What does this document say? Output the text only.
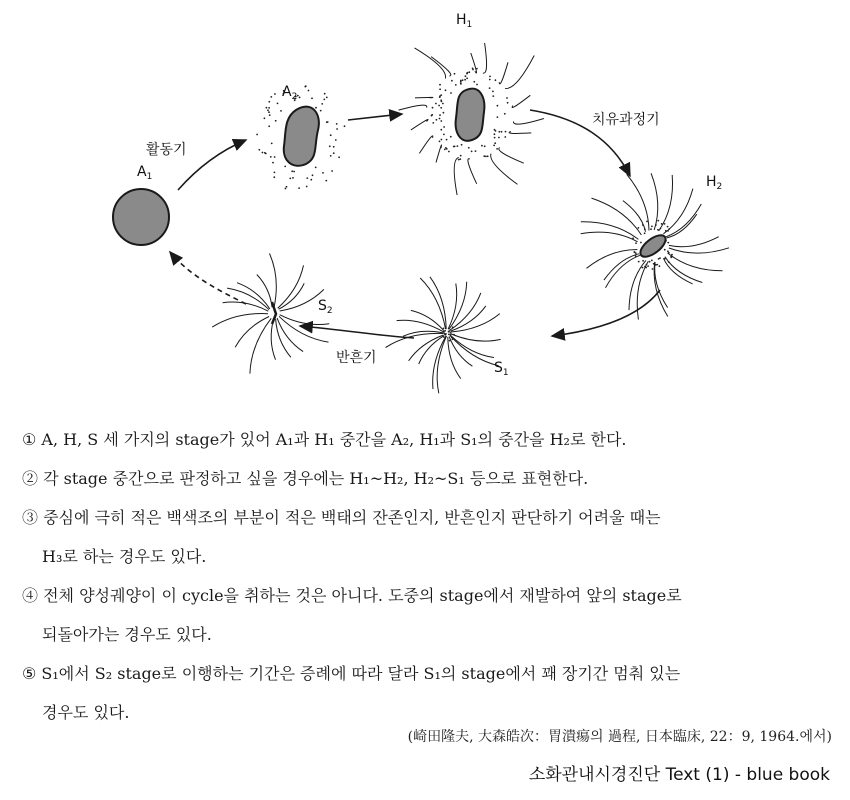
$A_1$
$A_2$
$H_1$
$H_2$
$S_1$
$S_2$
활동기
치유과정기
반흔기
① A, H, S 세 가지의 stage가 있어 A₁과 H₁ 중간을 A₂, H₁과 S₁의 중간을 H₂로 한다.
② 각 stage 중간으로 판정하고 싶을 경우에는 H₁~H₂, H₂~S₁ 등으로 표현한다.
③ 중심에 극히 적은 백색조의 부분이 적은 백태의 잔존인지, 반흔인지 판단하기 어려울 때는
H₃로 하는 경우도 있다.
④ 전체 양성궤양이 이 cycle을 취하는 것은 아니다. 도중의 stage에서 재발하여 앞의 stage로
되돌아가는 경우도 있다.
⑤ S₁에서 S₂ stage로 이행하는 기간은 증례에 따라 달라 S₁의 stage에서 꽤 장기간 멈춰 있는
경우도 있다.
(崎田隆夫, 大森皓次：胃潰瘍의 過程, 日本臨床, 22：9, 1964.에서)
소화관내시경진단 Text (1) - blue book
